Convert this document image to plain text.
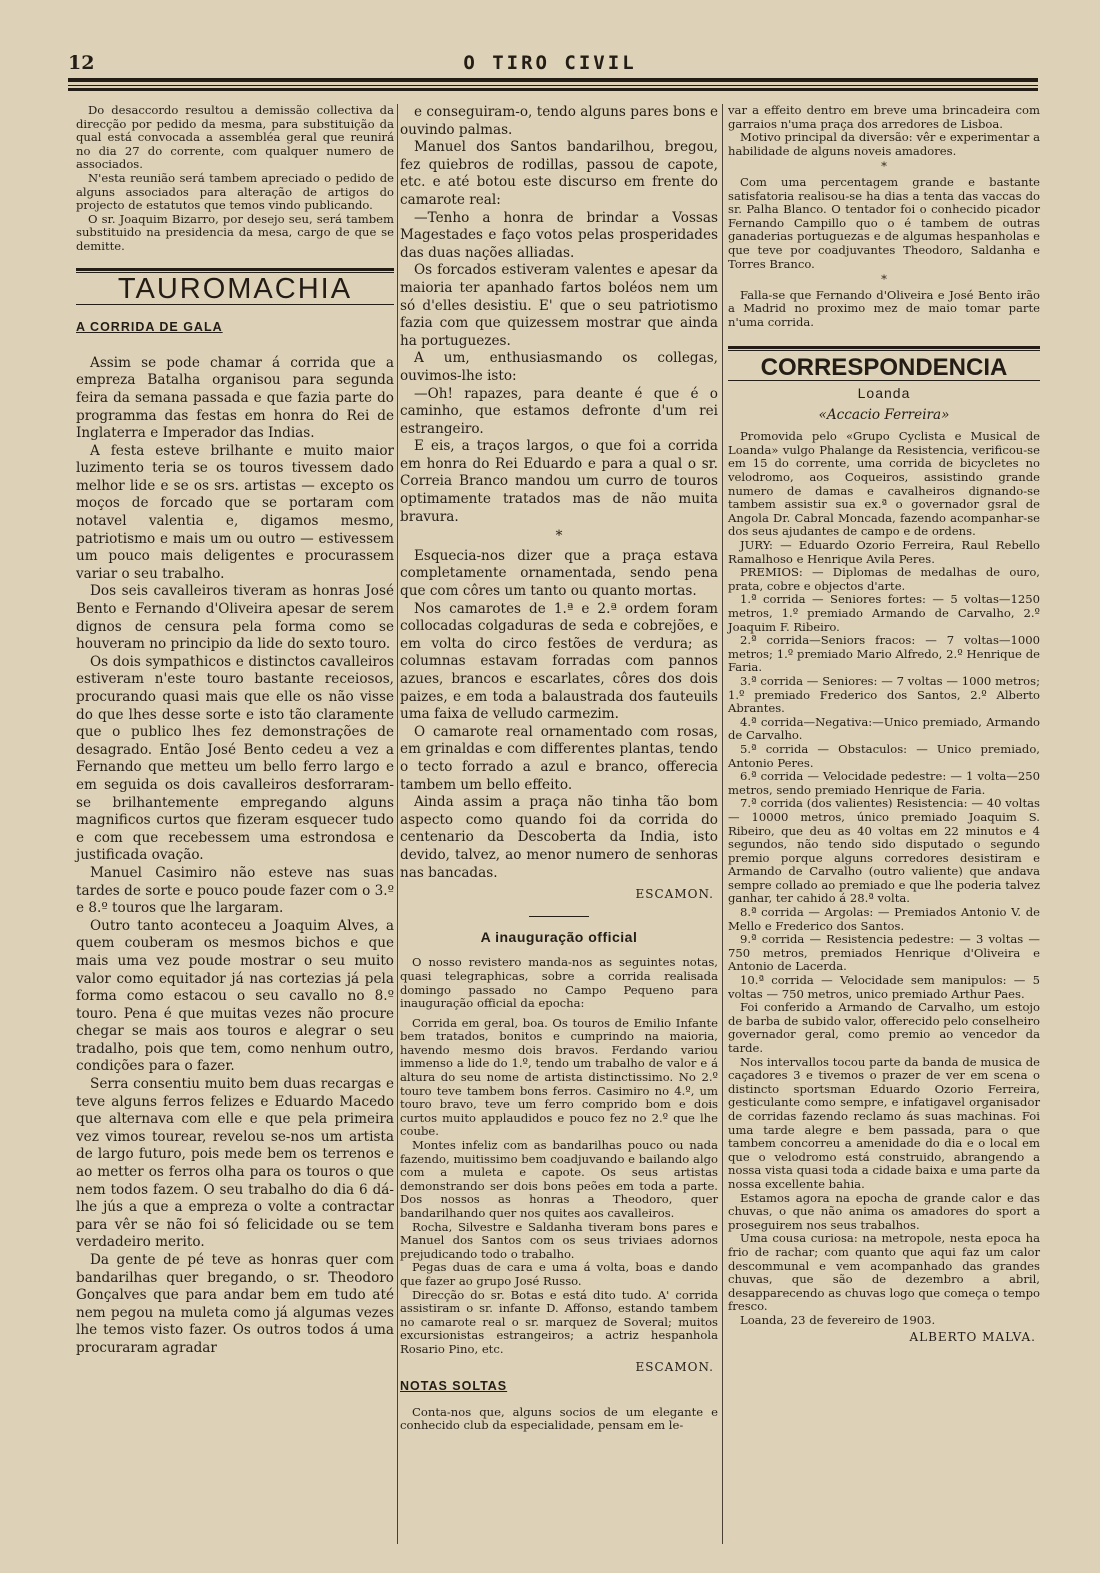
12	O TIRO CIVIL

Do desaccordo resultou a demissão collectiva da direcção por pedido da mesma, para substituição da qual está convocada a assembléa geral que reunirá no dia 27 do corrente, com qualquer numero de associados.

N'esta reunião será tambem apreciado o pedido de alguns associados para alteração de artigos do projecto de estatutos que temos vindo publicando.

O sr. Joaquim Bizarro, por desejo seu, será tambem substituido na presidencia da mesa, cargo de que se demitte.

TAUROMACHIA
A CORRIDA DE GALA

Assim se pode chamar á corrida que a empreza Batalha organisou para segunda feira da semana passada e que fazia parte do programma das festas em honra do Rei de Inglaterra e Imperador das Indias.

A festa esteve brilhante e muito maior luzimento teria se os touros tivessem dado melhor lide e se os srs. artistas — excepto os moços de forcado que se portaram com notavel valentia e, digamos mesmo, patriotismo e mais um ou outro — estivessem um pouco mais deligentes e procurassem variar o seu trabalho.

Dos seis cavalleiros tiveram as honras José Bento e Fernando d'Oliveira apesar de serem dignos de censura pela forma como se houveram no principio da lide do sexto touro.

Os dois sympathicos e distinctos cavalleiros estiveram n'este touro bastante receiosos, procurando quasi mais que elle os não visse do que lhes desse sorte e isto tão claramente que o publico lhes fez demonstrações de desagrado. Então José Bento cedeu a vez a Fernando que metteu um bello ferro largo e em seguida os dois cavalleiros desforraram-se brilhantemente empregando alguns magnificos curtos que fizeram esquecer tudo e com que recebessem uma estrondosa e justificada ovação.

Manuel Casimiro não esteve nas suas tardes de sorte e pouco poude fazer com o 3.º e 8.º touros que lhe largaram.

Outro tanto aconteceu a Joaquim Alves, a quem couberam os mesmos bichos e que mais uma vez poude mostrar o seu muito valor como equitador já nas cortezias já pela forma como estacou o seu cavallo no 8.º touro. Pena é que muitas vezes não procure chegar se mais aos touros e alegrar o seu tradalho, pois que tem, como nenhum outro, condições para o fazer.

Serra consentiu muito bem duas recargas e teve alguns ferros felizes e Eduardo Macedo que alternava com elle e que pela primeira vez vimos tourear, revelou se-nos um artista de largo futuro, pois mede bem os terrenos e ao metter os ferros olha para os touros o que nem todos fazem. O seu trabalho do dia 6 dá-lhe jús a que a empreza o volte a contractar para vêr se não foi só felicidade ou se tem verdadeiro merito.

Da gente de pé teve as honras quer com bandarilhas quer bregando, o sr. Theodoro Gonçalves que para andar bem em tudo até nem pegou na muleta como já algumas vezes lhe temos visto fazer. Os outros todos á uma procuraram agradar

e conseguiram-o, tendo alguns pares bons e ouvindo palmas.

Manuel dos Santos bandarilhou, bregou, fez quiebros de rodillas, passou de capote, etc. e até botou este discurso em frente do camarote real:

—Tenho a honra de brindar a Vossas Magestades e faço votos pelas prosperidades das duas nações alliadas.

Os forcados estiveram valentes e apesar da maioria ter apanhado fartos boléos nem um só d'elles desistiu. E' que o seu patriotismo fazia com que quizessem mostrar que ainda ha portuguezes.

A um, enthusiasmando os collegas, ouvimos-lhe isto:

—Oh! rapazes, para deante é que é o caminho, que estamos defronte d'um rei estrangeiro.

E eis, a traços largos, o que foi a corrida em honra do Rei Eduardo e para a qual o sr. Correia Branco mandou um curro de touros optimamente tratados mas de não muita bravura.

*

Esquecia-nos dizer que a praça estava completamente ornamentada, sendo pena que com côres um tanto ou quanto mortas.

Nos camarotes de 1.ª e 2.ª ordem foram collocadas colgaduras de seda e cobrejões, e em volta do circo festões de verdura; as columnas estavam forradas com pannos azues, brancos e escarlates, côres dos dois paizes, e em toda a balaustrada dos fauteuils uma faixa de velludo carmezim.

O camarote real ornamentado com rosas, em grinaldas e com differentes plantas, tendo o tecto forrado a azul e branco, offerecia tambem um bello effeito.

Ainda assim a praça não tinha tão bom aspecto como quando foi da corrida do centenario da Descoberta da India, isto devido, talvez, ao menor numero de senhoras nas bancadas.

ESCAMON.
A inauguração official

O nosso revistero manda-nos as seguintes notas, quasi telegraphicas, sobre a corrida realisada domingo passado no Campo Pequeno para inauguração official da epocha:

Corrida em geral, boa. Os touros de Emilio Infante bem tratados, bonitos e cumprindo na maioria, havendo mesmo dois bravos. Ferdando variou immenso a lide do 1.º, tendo um trabalho de valor e á altura do seu nome de artista distinctissimo. No 2.º touro teve tambem bons ferros. Casimiro no 4.º, um touro bravo, teve um ferro comprido bom e dois curtos muito applaudidos e pouco fez no 2.º que lhe coube.

Montes infeliz com as bandarilhas pouco ou nada fazendo, muitissimo bem coadjuvando e bailando algo com a muleta e capote. Os seus artistas demonstrando ser dois bons peões em toda a parte. Dos nossos as honras a Theodoro, quer bandarilhando quer nos quites aos cavalleiros.

Rocha, Silvestre e Saldanha tiveram bons pares e Manuel dos Santos com os seus triviaes adornos prejudicando todo o trabalho.

Pegas duas de cara e uma á volta, boas e dando que fazer ao grupo José Russo.

Direcção do sr. Botas e está dito tudo. A' corrida assistiram o sr. infante D. Affonso, estando tambem no camarote real o sr. marquez de Soveral; muitos excursionistas estrangeiros; a actriz hespanhola Rosario Pino, etc.

ESCAMON.
NOTAS SOLTAS

Conta-nos que, alguns socios de um elegante e conhecido club da especialidade, pensam em le-

var a effeito dentro em breve uma brincadeira com garraios n'uma praça dos arredores de Lisboa.

Motivo principal da diversão: vêr e experimentar a habilidade de alguns noveis amadores.

*

Com uma percentagem grande e bastante satisfatoria realisou-se ha dias a tenta das vaccas do sr. Palha Blanco. O tentador foi o conhecido picador Fernando Campillo quo o é tambem de outras ganaderias portuguezas e de algumas hespanholas e que teve por coadjuvantes Theodoro, Saldanha e Torres Branco.

*

Falla-se que Fernando d'Oliveira e José Bento irão a Madrid no proximo mez de maio tomar parte n'uma corrida.

CORRESPONDENCIA
Loanda
«Accacio Ferreira»

Promovida pelo «Grupo Cyclista e Musical de Loanda» vulgo Phalange da Resistencia, verificou-se em 15 do corrente, uma corrida de bicycletes no velodromo, aos Coqueiros, assistindo grande numero de damas e cavalheiros dignando-se tambem assistir sua ex.ª o governador gsral de Angola Dr. Cabral Moncada, fazendo acompanhar-se dos seus ajudantes de campo e de ordens.

JURY: — Eduardo Ozorio Ferreira, Raul Rebello Ramalhoso e Henrique Avila Peres.

PREMIOS: — Diplomas de medalhas de ouro, prata, cobre e objectos d'arte.

1.ª corrida — Seniores fortes: — 5 voltas—1250 metros, 1.º premiado Armando de Carvalho, 2.º Joaquim F. Ribeiro.

2.ª corrida—Seniors fracos: — 7 voltas—1000 metros; 1.º premiado Mario Alfredo, 2.º Henrique de Faria.

3.ª corrida — Seniores: — 7 voltas — 1000 metros; 1.º premiado Frederico dos Santos, 2.º Alberto Abrantes.

4.ª corrida—Negativa:—Unico premiado, Armando de Carvalho.

5.ª corrida — Obstaculos: — Unico premiado, Antonio Peres.

6.ª corrida — Velocidade pedestre: — 1 volta—250 metros, sendo premiado Henrique de Faria.

7.ª corrida (dos valientes) Resistencia: — 40 voltas — 10000 metros, único premiado Joaquim S. Ribeiro, que deu as 40 voltas em 22 minutos e 4 segundos, não tendo sido disputado o segundo premio porque alguns corredores desistiram e Armando de Carvalho (outro valiente) que andava sempre collado ao premiado e que lhe poderia talvez ganhar, ter cahido á 28.ª volta.

8.ª corrida — Argolas: — Premiados Antonio V. de Mello e Frederico dos Santos.

9.ª corrida — Resistencia pedestre: — 3 voltas — 750 metros, premiados Henrique d'Oliveira e Antonio de Lacerda.

10.ª corrida — Velocidade sem manipulos: — 5 voltas — 750 metros, unico premiado Arthur Paes.

Foi conferido a Armando de Carvalho, um estojo de barba de subido valor, offerecido pelo conselheiro governador geral, como premio ao vencedor da tarde.

Nos intervallos tocou parte da banda de musica de caçadores 3 e tivemos o prazer de ver em scena o distincto sportsman Eduardo Ozorio Ferreira, gesticulante como sempre, e infatigavel organisador de corridas fazendo reclamo ás suas machinas. Foi uma tarde alegre e bem passada, para o que tambem concorreu a amenidade do dia e o local em que o velodromo está construido, abrangendo a nossa vista quasi toda a cidade baixa e uma parte da nossa excellente bahia.

Estamos agora na epocha de grande calor e das chuvas, o que não anima os amadores do sport a proseguirem nos seus trabalhos.

Uma cousa curiosa: na metropole, nesta epoca ha frio de rachar; com quanto que aqui faz um calor descommunal e vem acompanhado das grandes chuvas, que são de dezembro a abril, desapparecendo as chuvas logo que começa o tempo fresco.

Loanda, 23 de fevereiro de 1903.

ALBERTO MALVA.
